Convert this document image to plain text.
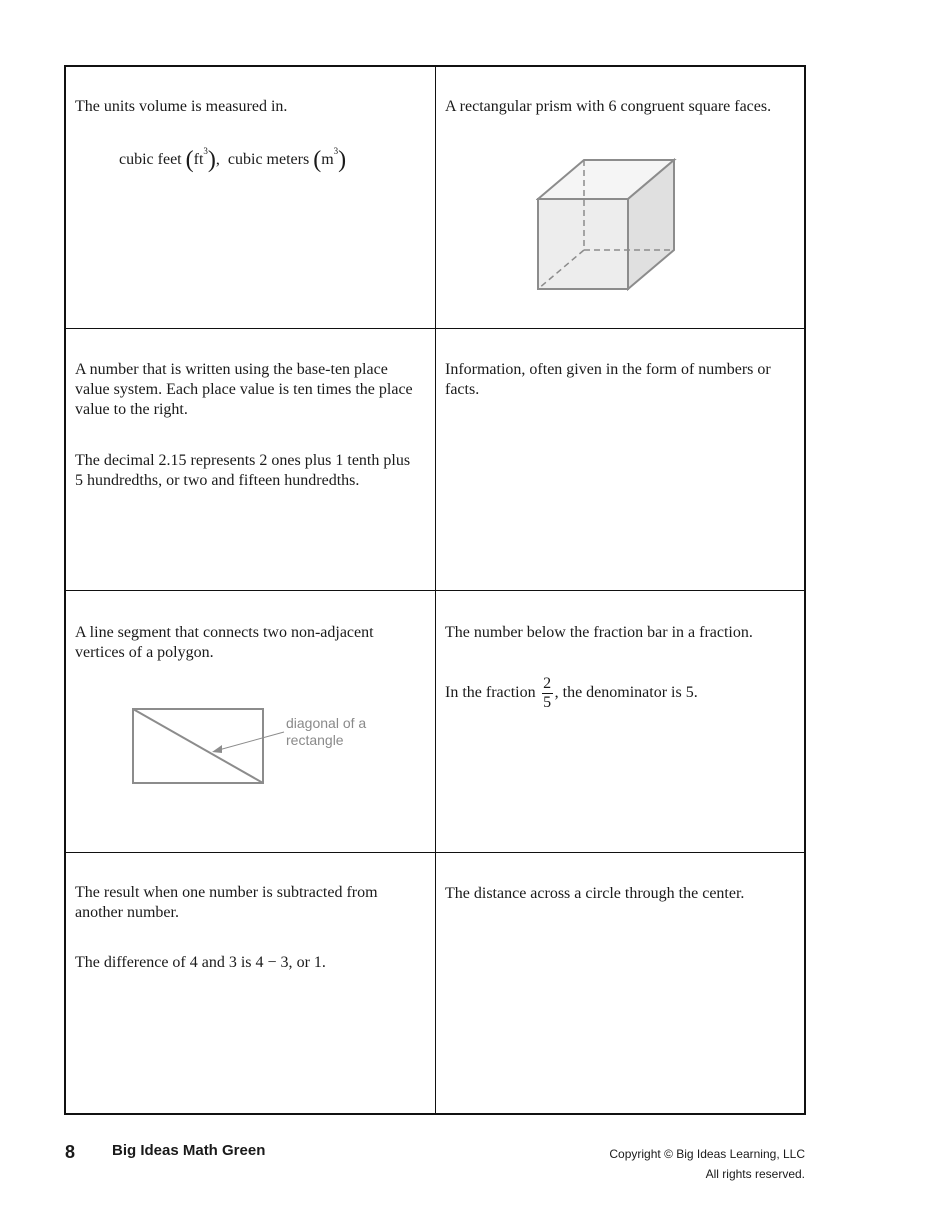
The units volume is measured in.
cubic feet $(ft^3)$, cubic meters $(m^3)$
A rectangular prism with 6 congruent square faces.
A number that is written using the base-ten place value system. Each place value is ten times the place value to the right.
The decimal 2.15 represents 2 ones plus 1 tenth plus 5 hundredths, or two and fifteen hundredths.
Information, often given in the form of numbers or facts.
A line segment that connects two non-adjacent vertices of a polygon.
diagonal of a
rectangle
The number below the fraction bar in a fraction.
In the fraction $\frac{2}{5}$ , the denominator is 5.
The result when one number is subtracted from another number.
The difference of 4 and 3 is 4 − 3, or 1.
The distance across a circle through the center.
8 Big Ideas Math Green	Copyright © Big Ideas Learning, LLC
All rights reserved.
